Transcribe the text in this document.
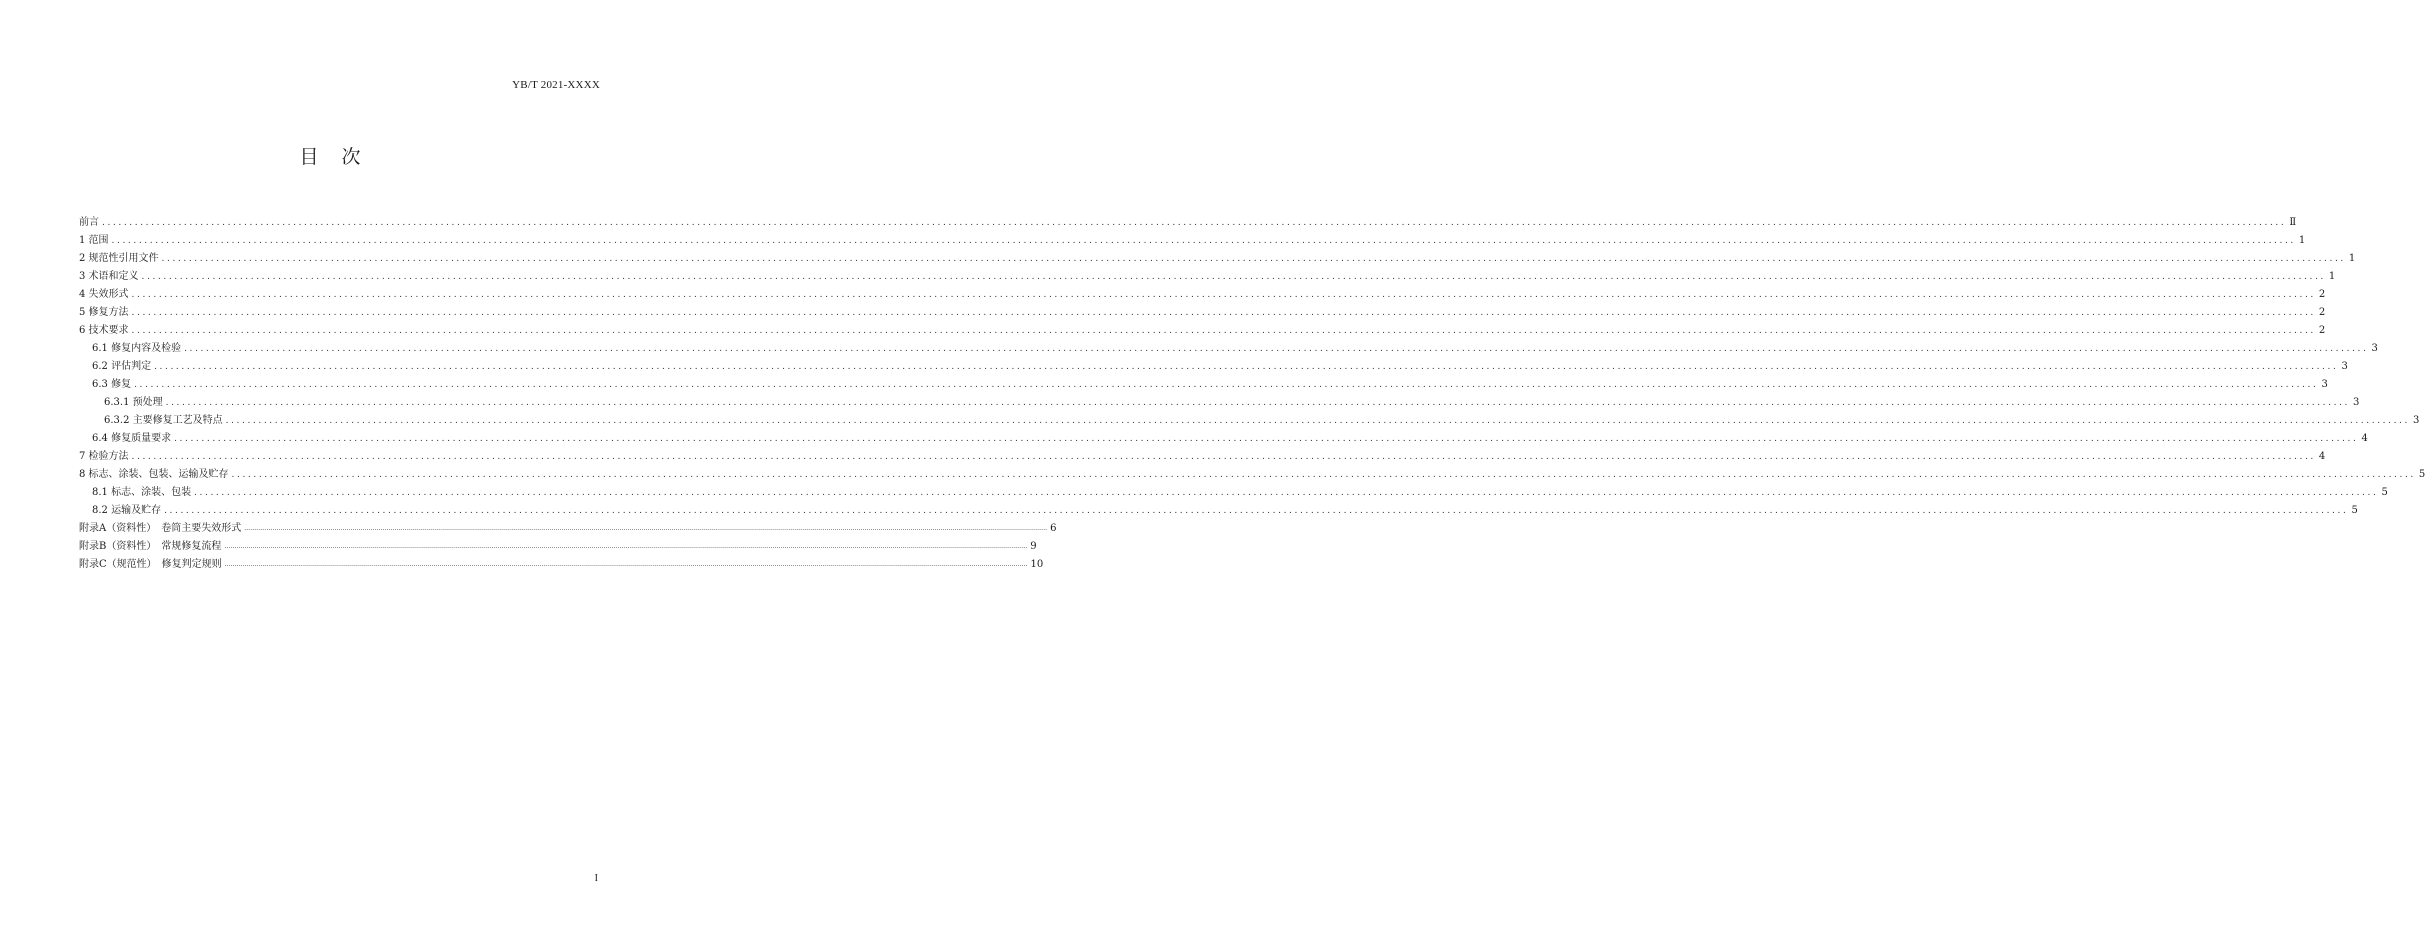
YB/T 2021-XXXX
目　次
前言 ................................................................................................................................................................................................................................................................................................................................................................................................................ Ⅱ
1 范围 ................................................................................................................................................................................................................................................................................................................................................................................................................ 1
2 规范性引用文件 ................................................................................................................................................................................................................................................................................................................................................................................................................ 1
3 术语和定义 ................................................................................................................................................................................................................................................................................................................................................................................................................ 1
4 失效形式 ................................................................................................................................................................................................................................................................................................................................................................................................................ 2
5 修复方法 ................................................................................................................................................................................................................................................................................................................................................................................................................ 2
6 技术要求 ................................................................................................................................................................................................................................................................................................................................................................................................................ 2
6.1 修复内容及检验 ................................................................................................................................................................................................................................................................................................................................................................................................................ 3
6.2 评估判定 ................................................................................................................................................................................................................................................................................................................................................................................................................ 3
6.3 修复 ................................................................................................................................................................................................................................................................................................................................................................................................................ 3
6.3.1 预处理 ................................................................................................................................................................................................................................................................................................................................................................................................................ 3
6.3.2 主要修复工艺及特点 ................................................................................................................................................................................................................................................................................................................................................................................................................ 3
6.4 修复质量要求 ................................................................................................................................................................................................................................................................................................................................................................................................................ 4
7 检验方法 ................................................................................................................................................................................................................................................................................................................................................................................................................ 4
8 标志、涂装、包装、运输及贮存 ................................................................................................................................................................................................................................................................................................................................................................................................................ 5
8.1 标志、涂装、包装 ................................................................................................................................................................................................................................................................................................................................................................................................................ 5
8.2 运输及贮存 ................................................................................................................................................................................................................................................................................................................................................................................................................ 5
附录A（资料性）　卷筒主要失效形式 ................................................................................................................................................................................................................................................................................................................................................................................................................ 6
附录B（资料性）　常规修复流程 ................................................................................................................................................................................................................................................................................................................................................................................................................ 9
附录C（规范性）　修复判定规则 ................................................................................................................................................................................................................................................................................................................................................................................................................ 10
I
